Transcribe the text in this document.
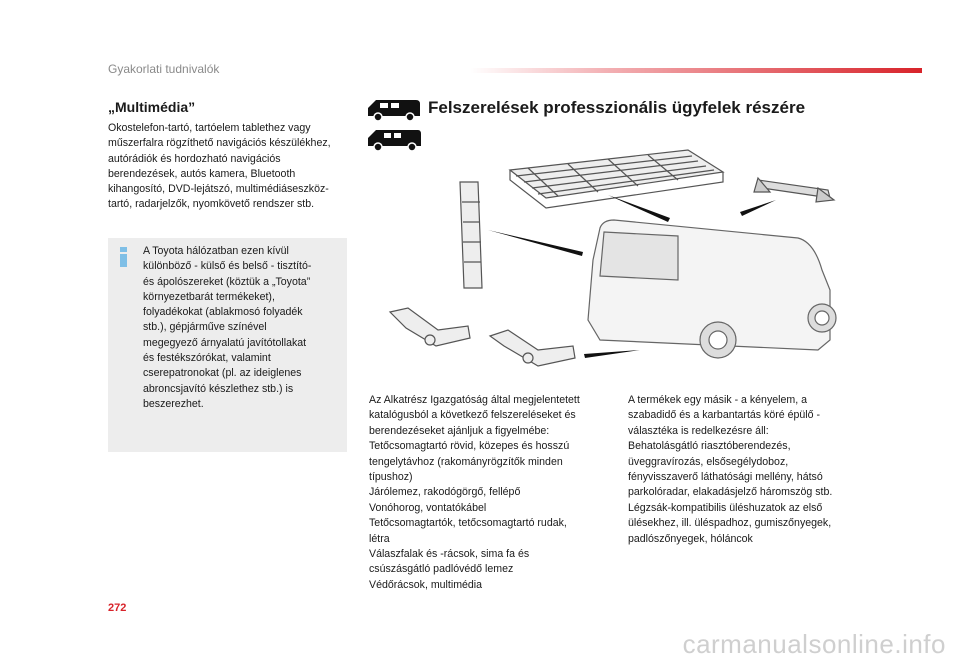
Gyakorlati tudnivalók
„Multimédia”
Okostelefon-tartó, tartóelem tablethez vagy
műszerfalra rögzíthető navigációs készülékhez,
autórádiók és hordozható navigációs
berendezések, autós kamera, Bluetooth
kihangosító, DVD-lejátszó, multimédiáseszköz-
tartó, radarjelzők, nyomkövető rendszer stb.
A Toyota hálózatban ezen kívül
különböző - külső és belső - tisztító-
és ápolószereket (köztük a „Toyota”
környezetbarát termékeket),
folyadékokat (ablakmosó folyadék
stb.), gépjárműve színével
megegyező árnyalatú javítótollakat
és festékszórókat, valamint
cserepatronokat (pl. az ideiglenes
abroncsjavító készlethez stb.) is
beszerezhet.
Felszerelések professzionális ügyfelek részére
Az Alkatrész Igazgatóság által megjelentetett
katalógusból a következő felszereléseket és
berendezéseket ajánljuk a figyelmébe:
Tetőcsomagtartó rövid, közepes és hosszú
tengelytávhoz (rakományrögzítők minden
típushoz)
Járólemez, rakodógörgő, fellépő
Vonóhorog, vontatókábel
Tetőcsomagtartók, tetőcsomagtartó rudak,
létra
Válaszfalak és -rácsok, sima fa és
csúszásgátló padlóvédő lemez
Védőrácsok, multimédia
A termékek egy másik - a kényelem, a
szabadidő és a karbantartás köré épülő -
választéka is redelkezésre áll:
Behatolásgátló riasztóberendezés,
üveggravírozás, elsősegélydoboz,
fényvisszaverő láthatósági mellény, hátsó
parkolóradar, elakadásjelző háromszög stb.
Légzsák-kompatibilis üléshuzatok az első
ülésekhez, ill. üléspadhoz, gumiszőnyegek,
padlószőnyegek, hóláncok
272
carmanualsonline.info
